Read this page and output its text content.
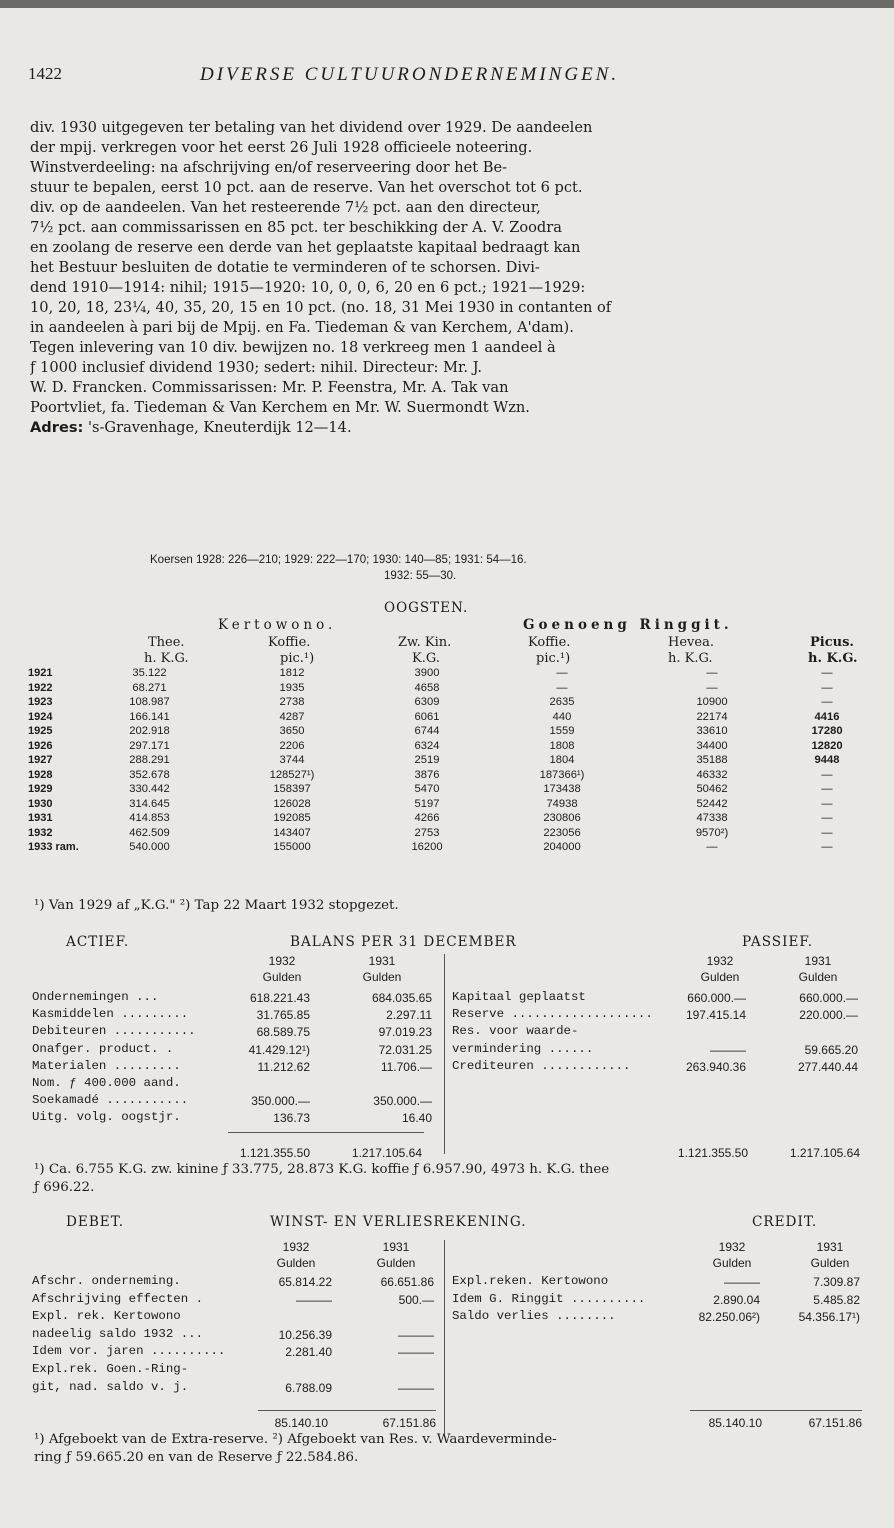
1422	DIVERSE CULTUURONDERNEMINGEN.
div. 1930 uitgegeven ter betaling van het dividend over 1929. De aandeelen
der mpij. verkregen voor het eerst 26 Juli 1928 officieele noteering.
Winstverdeeling: na afschrijving en/of reserveering door het Be-
stuur te bepalen, eerst 10 pct. aan de reserve. Van het overschot tot 6 pct.
div. op de aandeelen. Van het resteerende 7½ pct. aan den directeur,
7½ pct. aan commissarissen en 85 pct. ter beschikking der A. V. Zoodra
en zoolang de reserve een derde van het geplaatste kapitaal bedraagt kan
het Bestuur besluiten de dotatie te verminderen of te schorsen. Divi-
dend 1910—1914: nihil; 1915—1920: 10, 0, 0, 6, 20 en 6 pct.; 1921—1929:
10, 20, 18, 23¼, 40, 35, 20, 15 en 10 pct. (no. 18, 31 Mei 1930 in contanten of
in aandeelen à pari bij de Mpij. en Fa. Tiedeman & van Kerchem, A'dam).
Tegen inlevering van 10 div. bewijzen no. 18 verkreeg men 1 aandeel à
ƒ 1000 inclusief dividend 1930; sedert: nihil. Directeur: Mr. J.
W. D. Francken. Commissarissen: Mr. P. Feenstra, Mr. A. Tak van
Poortvliet, fa. Tiedeman & Van Kerchem en Mr. W. Suermondt Wzn.
Adres: 's-Gravenhage, Kneuterdijk 12—14.
Koersen 1928: 226—210; 1929: 222—170; 1930: 140—85; 1931: 54—16.
1932: 55—30.
OOGSTEN.
Kertowono.	Goenoeng Ringgit.
Thee.	Koffie.	Zw. Kin.	Koffie.	Hevea.	Picus.
h. K.G.	pic.¹)	K.G.	pic.¹)	h. K.G.	h. K.G.
1921	35.122	1812	3900	—	—	—
1922	68.271	1935	4658	—	—	—
1923	108.987	2738	6309	2635	10900	—
1924	166.141	4287	6061	440	22174	4416
1925	202.918	3650	6744	1559	33610	17280
1926	297.171	2206	6324	1808	34400	12820
1927	288.291	3744	2519	1804	35188	9448
1928	352.678	128527¹)	3876	187366¹)	46332	—
1929	330.442	158397	5470	173438	50462	—
1930	314.645	126028	5197	74938	52442	—
1931	414.853	192085	4266	230806	47338	—
1932	462.509	143407	2753	223056	9570²)	—
1933 ram.	540.000	155000	16200	204000	—	—
¹) Van 1929 af „K.G." ²) Tap 22 Maart 1932 stopgezet.
ACTIEF.	BALANS PER 31 DECEMBER	PASSIEF.
1932	1931
Gulden	Gulden
1932	1931
Gulden	Gulden
Ondernemingen ...	618.221.43	684.035.65
Kasmiddelen .........	31.765.85	2.297.11
Debiteuren ...........	68.589.75	97.019.23
Onafger. product. .	41.429.12¹)	72.031.25
Materialen .........	11.212.62	11.706.—
Nom. ƒ 400.000 aand.
Soekamadé ...........	350.000.—	350.000.—
Uitg. volg. oogstjr.	136.73	16.40
Kapitaal geplaatst	660.000.—	660.000.—
Reserve ...................	197.415.14	220.000.—
Res. voor waarde-
vermindering ......	———	59.665.20
Crediteuren ............	263.940.36	277.440.44
1.121.355.50	1.217.105.64	1.121.355.50	1.217.105.64
¹) Ca. 6.755 K.G. zw. kinine ƒ 33.775, 28.873 K.G. koffie ƒ 6.957.90, 4973 h. K.G. thee
ƒ 696.22.
DEBET.	WINST- EN VERLIESREKENING.	CREDIT.
1932	1931
Gulden	Gulden
1932	1931
Gulden	Gulden
Afschr. onderneming.	65.814.22	66.651.86
Afschrijving effecten .	———	500.—
Expl. rek. Kertowono
nadeelig saldo 1932 ...	10.256.39	———
Idem vor. jaren ..........	2.281.40	———
Expl.rek. Goen.-Ring-
git, nad. saldo v. j.	6.788.09	———
Expl.reken. Kertowono	———	7.309.87
Idem G. Ringgit ..........	2.890.04	5.485.82
Saldo verlies ........	82.250.06²)	54.356.17¹)
85.140.10	67.151.86	85.140.10	67.151.86
¹) Afgeboekt van de Extra-reserve. ²) Afgeboekt van Res. v. Waardeverminde-
ring ƒ 59.665.20 en van de Reserve ƒ 22.584.86.
